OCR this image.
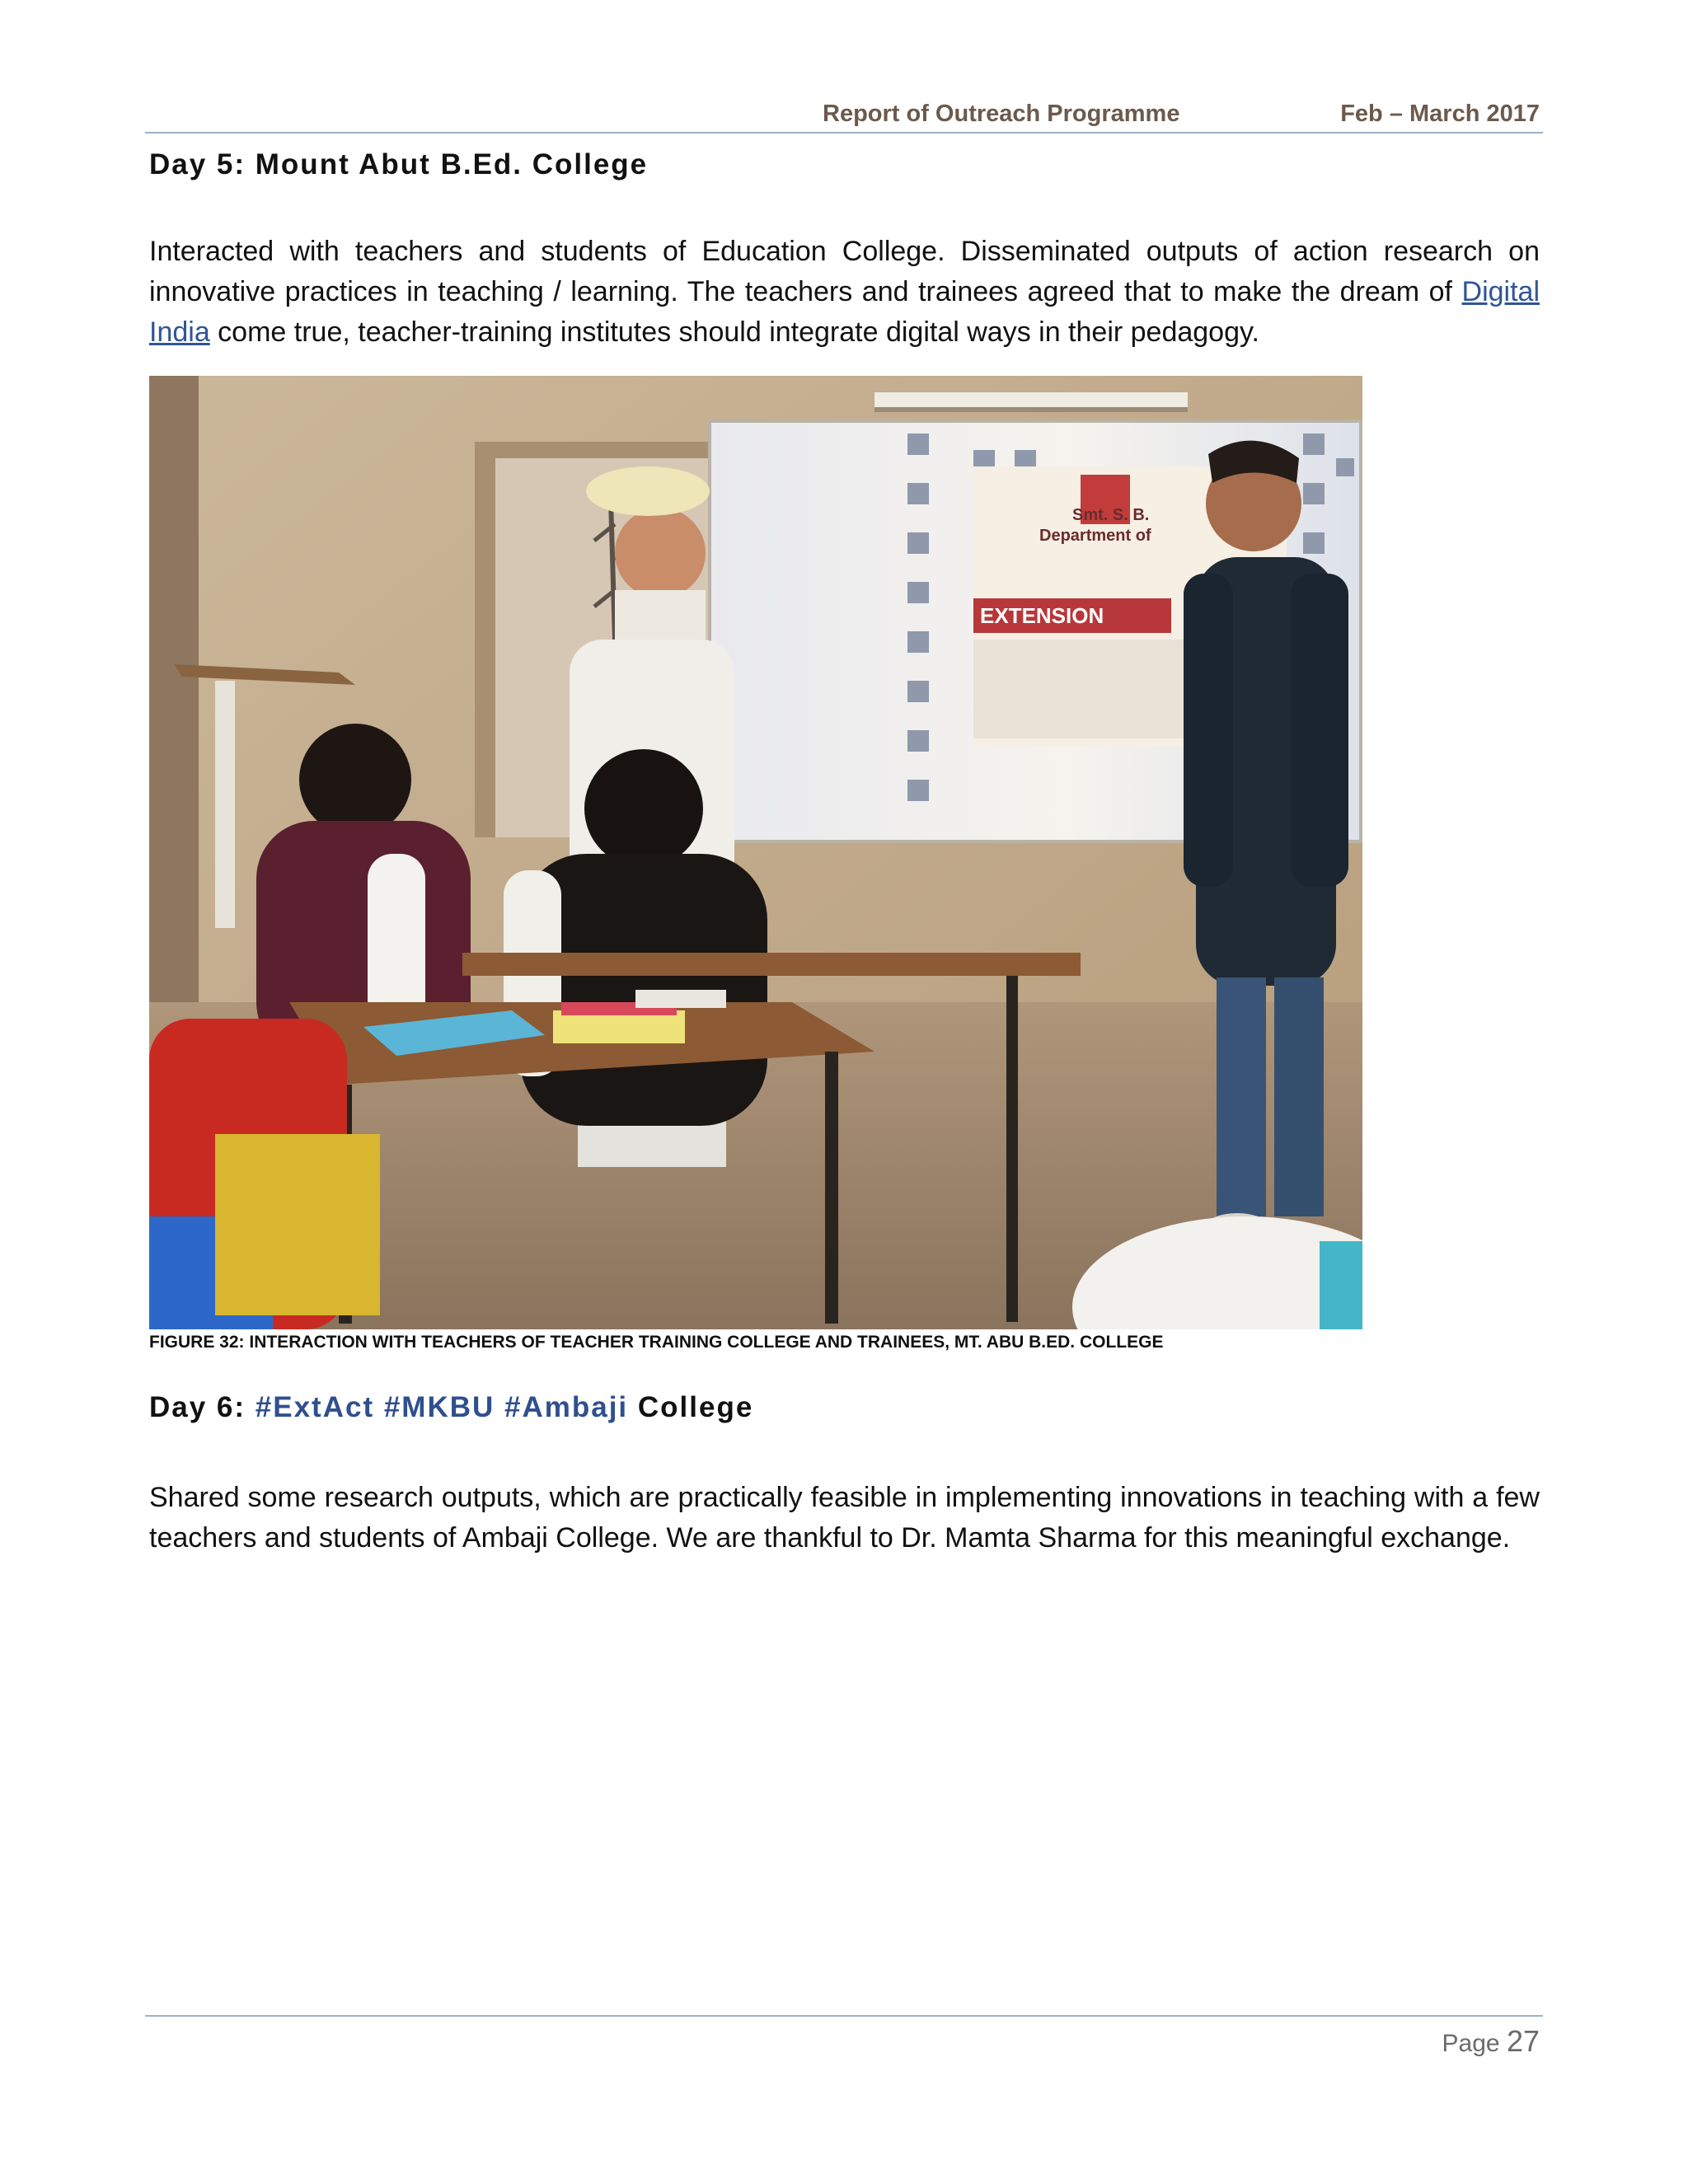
Report of Outreach Programme	Feb – March 2017
Day 5: Mount Abut B.Ed. College
Interacted with teachers and students of Education College. Disseminated outputs of action research on innovative practices in teaching / learning. The teachers and trainees agreed that to make the dream of Digital India come true, teacher-training institutes should integrate digital ways in their pedagogy.
Smt. S. B.
Department of
EXTENSION
FIGURE 32: INTERACTION WITH TEACHERS OF TEACHER TRAINING COLLEGE AND TRAINEES, MT. ABU B.ED. COLLEGE
Day 6: #ExtAct #MKBU #Ambaji College
Shared some research outputs, which are practically feasible in implementing innovations in teaching with a few teachers and students of Ambaji College. We are thankful to Dr. Mamta Sharma for this meaningful exchange.
Page 27
